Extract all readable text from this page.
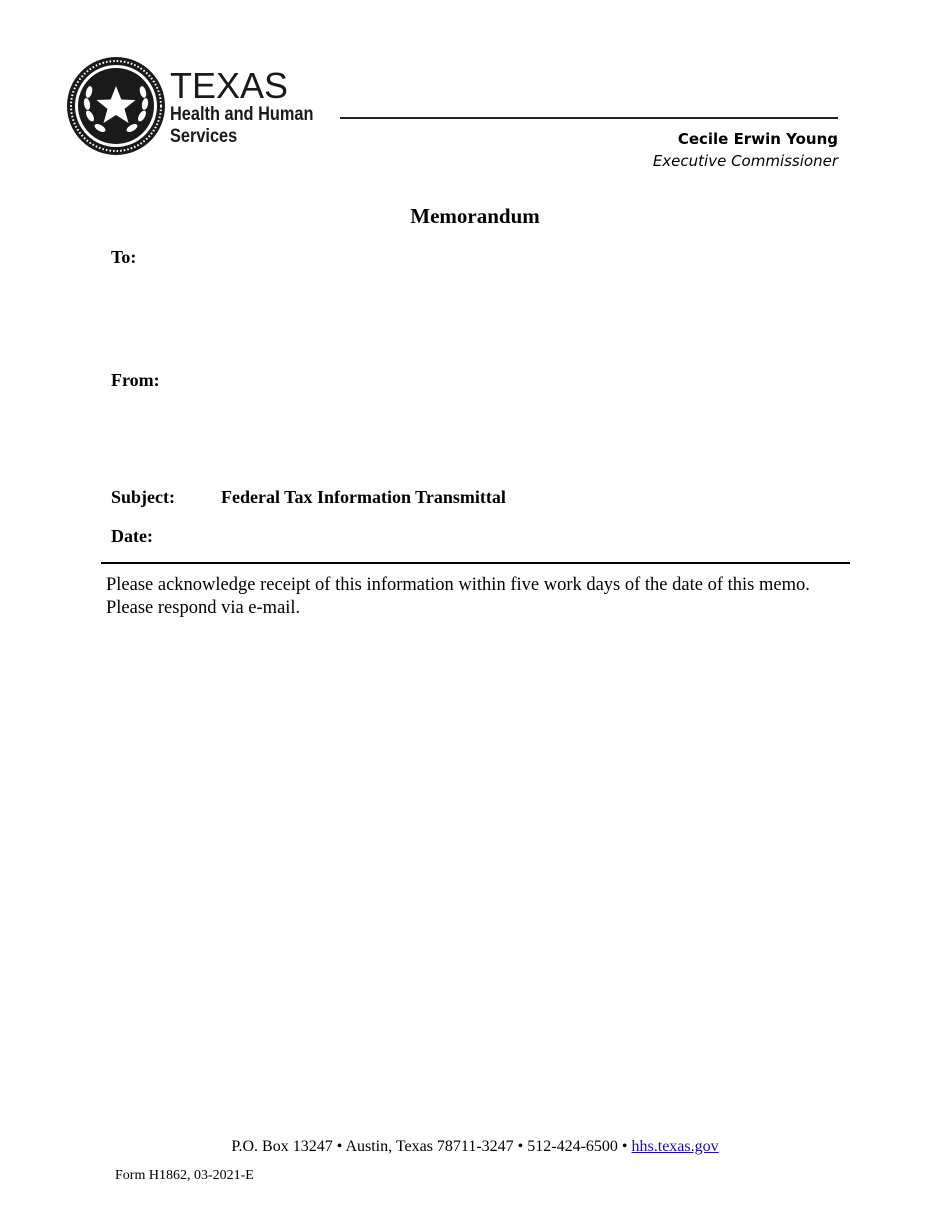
TEXAS
Health and Human
Services	Cecile Erwin Young
Executive Commissioner
Memorandum
To:
From:
Subject:	Federal Tax Information Transmittal
Date:
Please acknowledge receipt of this information within five work days of the date of this memo.
Please respond via e-mail.
P.O. Box 13247 • Austin, Texas 78711-3247 • 512-424-6500 • hhs.texas.gov
Form H1862, 03-2021-E
